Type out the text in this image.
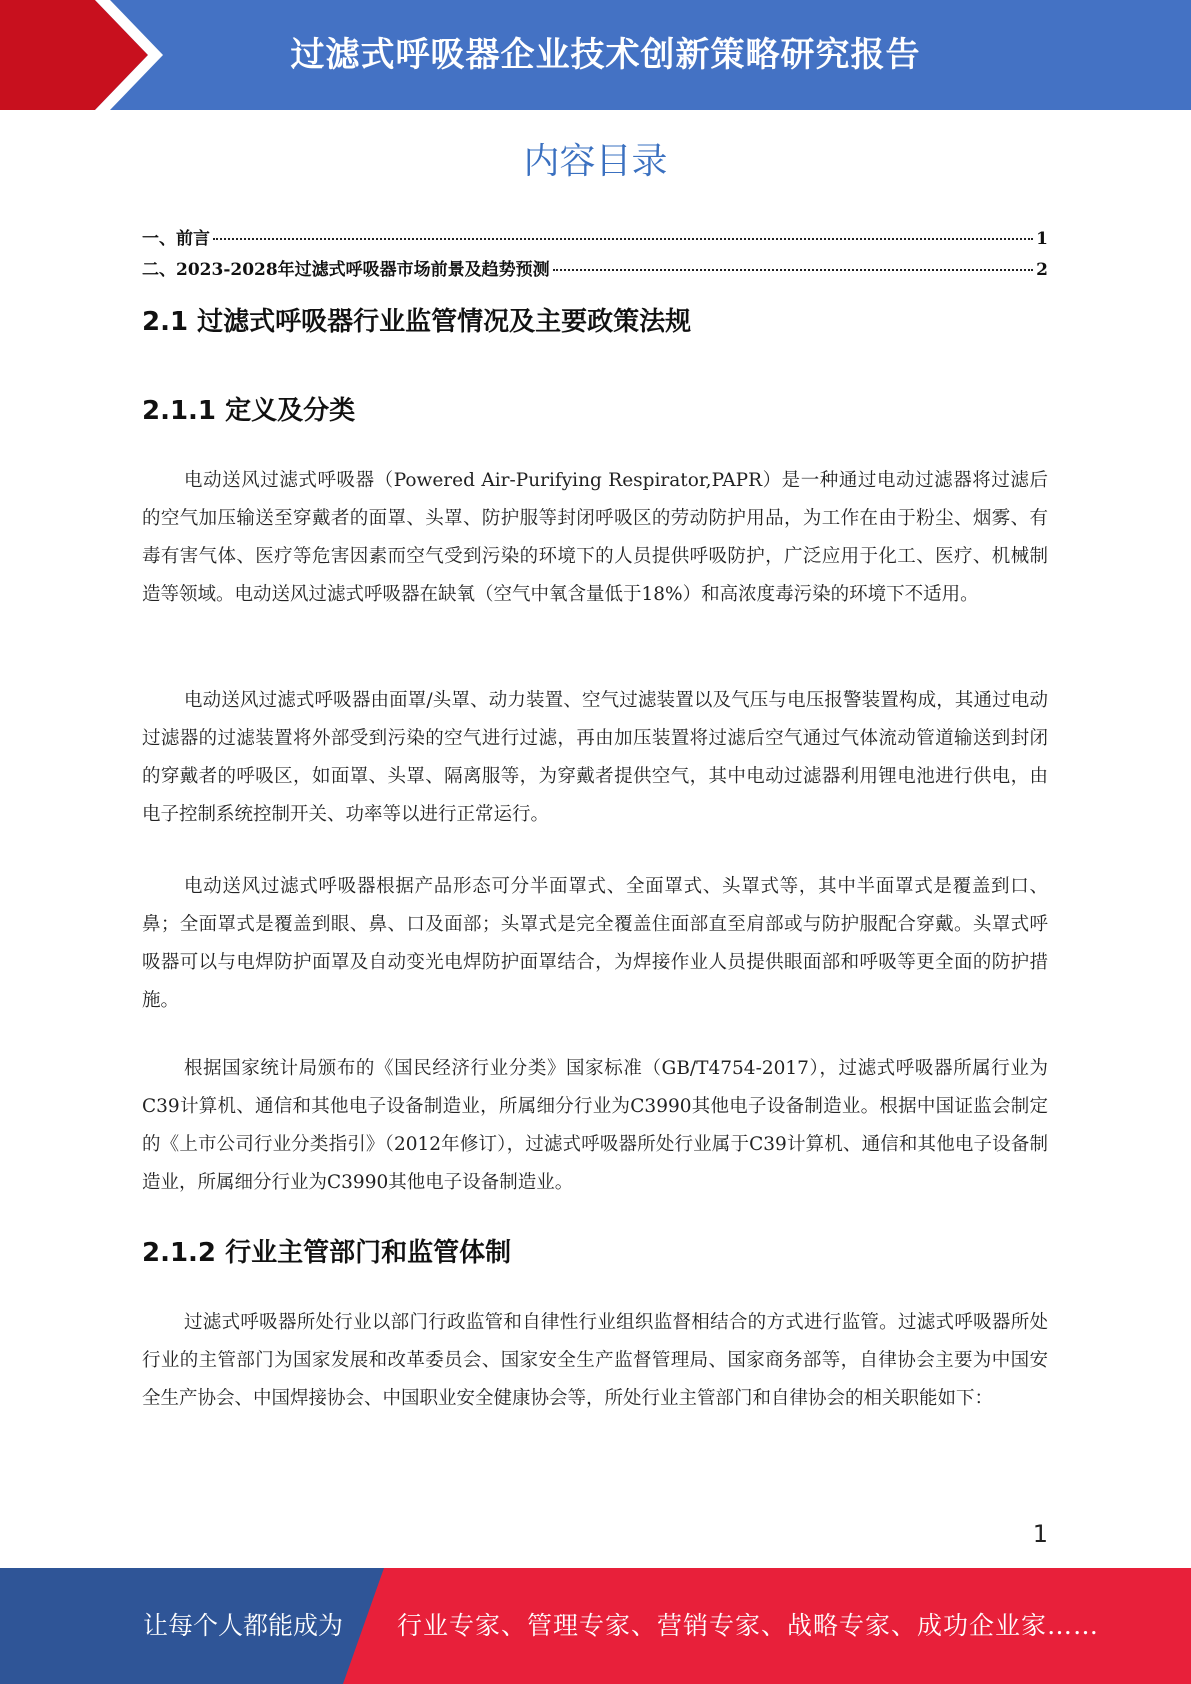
过滤式呼吸器企业技术创新策略研究报告
内容目录
一、前言	1
二、2023-2028年过滤式呼吸器市场前景及趋势预测	2
2.1 过滤式呼吸器行业监管情况及主要政策法规
2.1.1 定义及分类

电动送风过滤式呼吸器（Powered Air-Purifying Respirator,PAPR）是一种通过电动过滤器将过滤后的空气加压输送至穿戴者的面罩、头罩、防护服等封闭呼吸区的劳动防护用品，为工作在由于粉尘、烟雾、有毒有害气体、医疗等危害因素而空气受到污染的环境下的人员提供呼吸防护，广泛应用于化工、医疗、机械制造等领域。电动送风过滤式呼吸器在缺氧（空气中氧含量低于18%）和高浓度毒污染的环境下不适用。

电动送风过滤式呼吸器由面罩/头罩、动力装置、空气过滤装置以及气压与电压报警装置构成，其通过电动过滤器的过滤装置将外部受到污染的空气进行过滤，再由加压装置将过滤后空气通过气体流动管道输送到封闭的穿戴者的呼吸区，如面罩、头罩、隔离服等，为穿戴者提供空气，其中电动过滤器利用锂电池进行供电，由电子控制系统控制开关、功率等以进行正常运行。

电动送风过滤式呼吸器根据产品形态可分半面罩式、全面罩式、头罩式等，其中半面罩式是覆盖到口、鼻；全面罩式是覆盖到眼、鼻、口及面部；头罩式是完全覆盖住面部直至肩部或与防护服配合穿戴。头罩式呼吸器可以与电焊防护面罩及自动变光电焊防护面罩结合，为焊接作业人员提供眼面部和呼吸等更全面的防护措施。

根据国家统计局颁布的《国民经济行业分类》国家标准（GB/T4754-2017），过滤式呼吸器所属行业为C39计算机、通信和其他电子设备制造业，所属细分行业为C3990其他电子设备制造业。根据中国证监会制定的《上市公司行业分类指引》（2012年修订），过滤式呼吸器所处行业属于C39计算机、通信和其他电子设备制造业，所属细分行业为C3990其他电子设备制造业。

2.1.2 行业主管部门和监管体制

过滤式呼吸器所处行业以部门行政监管和自律性行业组织监督相结合的方式进行监管。过滤式呼吸器所处行业的主管部门为国家发展和改革委员会、国家安全生产监督管理局、国家商务部等，自律协会主要为中国安全生产协会、中国焊接协会、中国职业安全健康协会等，所处行业主管部门和自律协会的相关职能如下：

1
让每个人都能成为 行业专家、管理专家、营销专家、战略专家、成功企业家……
